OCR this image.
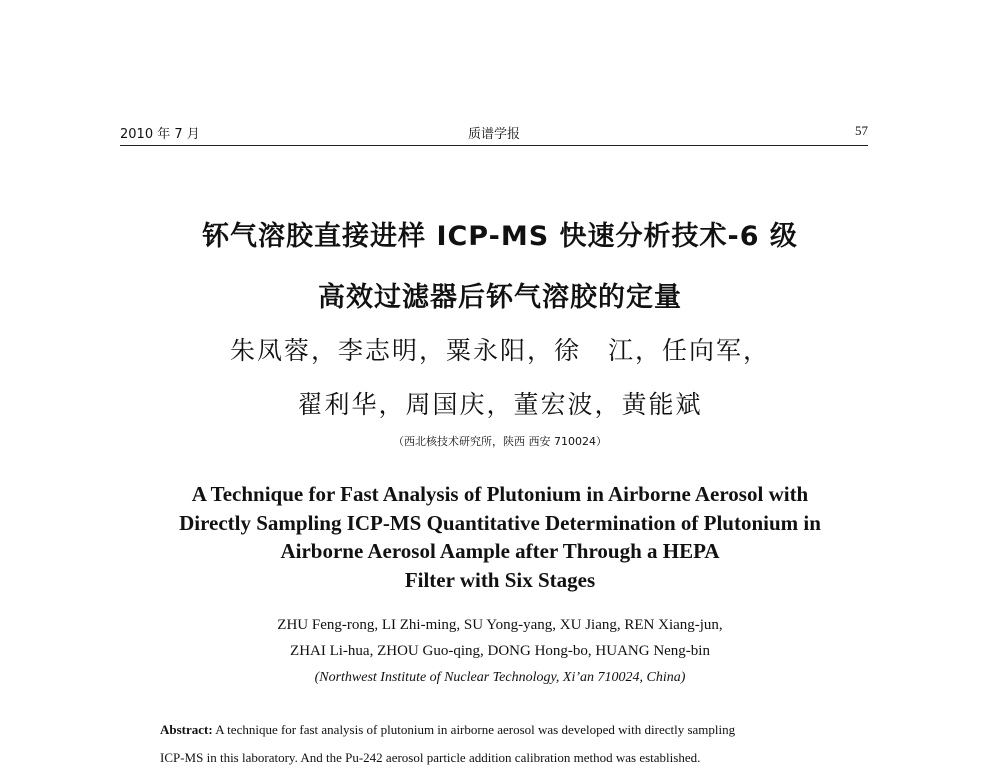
2010 年 7 月	质谱学报	57
钚气溶胶直接进样 ICP-MS 快速分析技术-6 级
高效过滤器后钚气溶胶的定量
朱凤蓉，李志明，粟永阳，徐　江，任向军，
翟利华，周国庆，董宏波，黄能斌
（西北核技术研究所，陕西 西安 710024）
A Technique for Fast Analysis of Plutonium in Airborne Aerosol with
Directly Sampling ICP-MS Quantitative Determination of Plutonium in
Airborne Aerosol Aample after Through a HEPA
Filter with Six Stages
ZHU Feng-rong, LI Zhi-ming, SU Yong-yang, XU Jiang, REN Xiang-jun,
ZHAI Li-hua, ZHOU Guo-qing, DONG Hong-bo, HUANG Neng-bin
(Northwest Institute of Nuclear Technology, Xi’an 710024, China)
Abstract: A technique for fast analysis of plutonium in airborne aerosol was developed with directly sampling
ICP-MS in this laboratory. And the Pu-242 aerosol particle addition calibration method was established.
